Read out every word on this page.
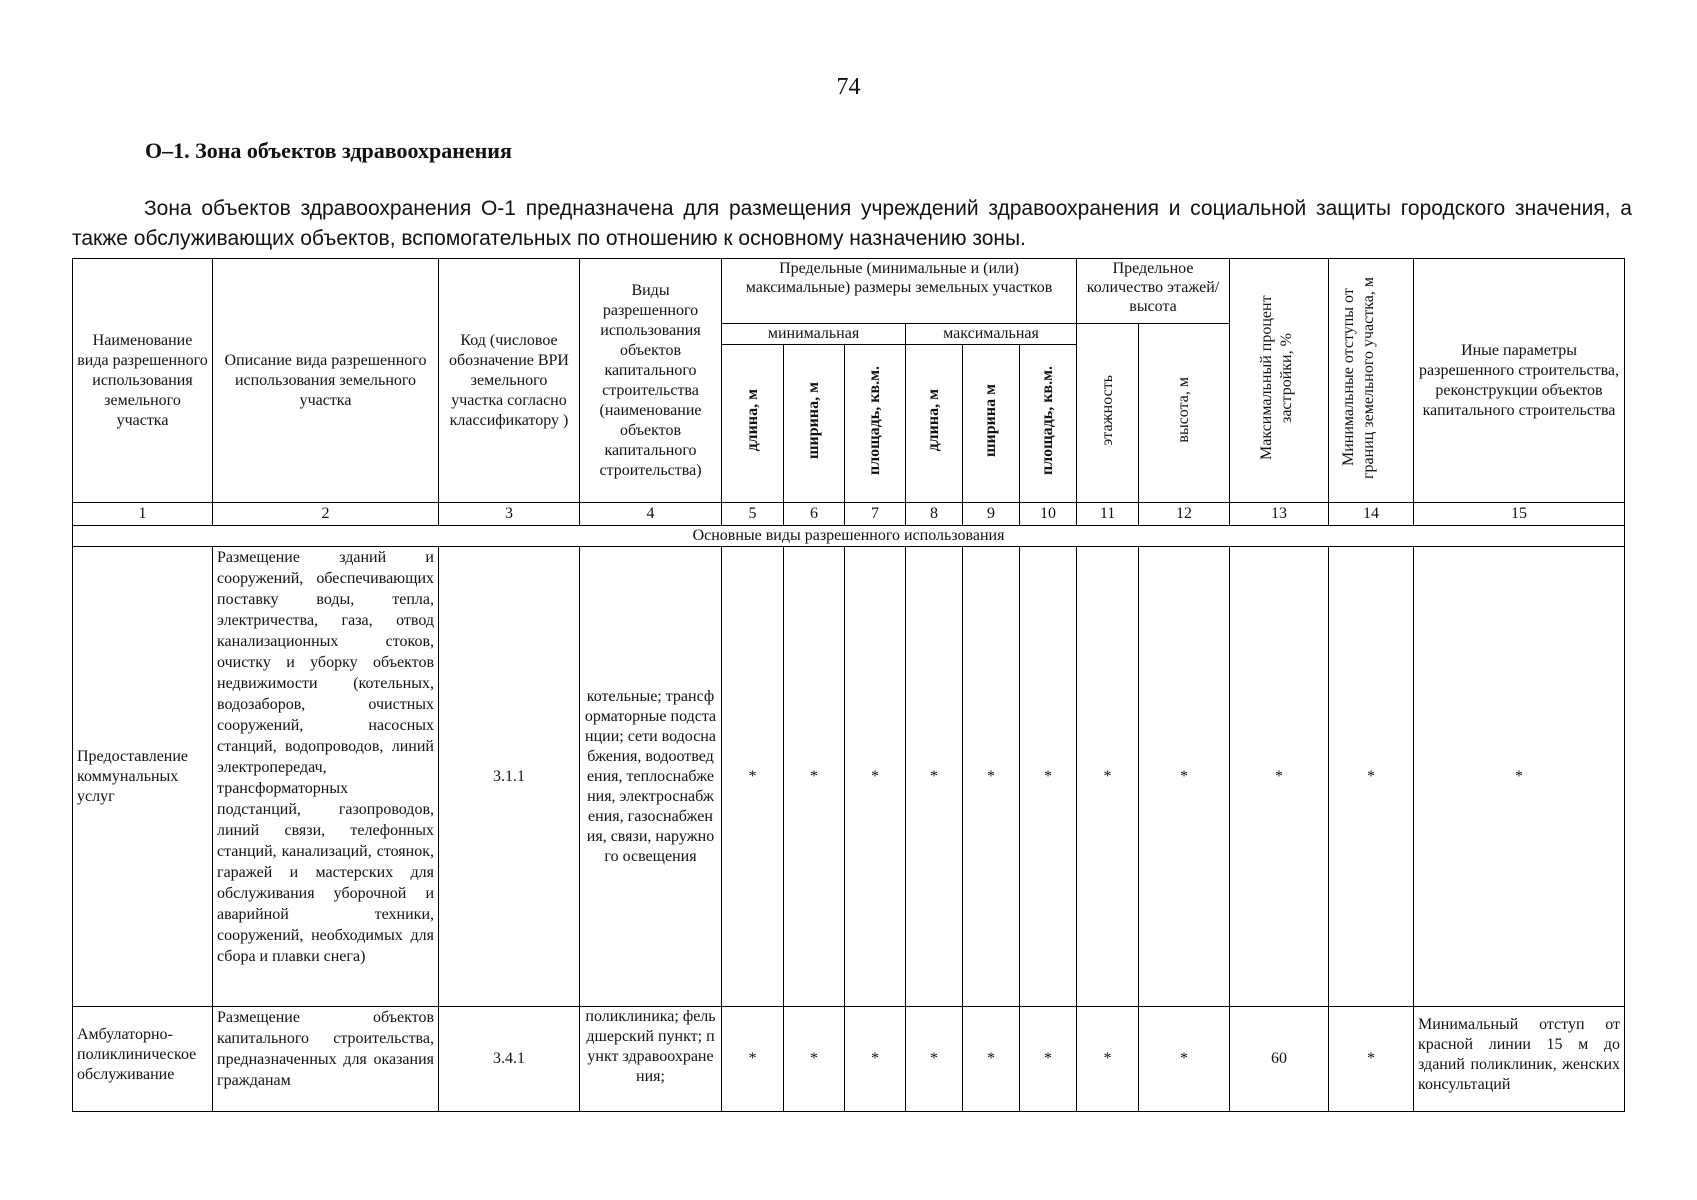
74
О–1. Зона объектов здравоохранения
Зона объектов здравоохранения О-1 предназначена для размещения учреждений здравоохранения и социальной защиты городского значения, а также обслуживающих объектов, вспомогательных по отношению к основному назначению зоны.
Наименование вида разрешенного использования земельного участка	Описание вида разрешенного использования земельного участка	Код (числовое обозначение ВРИ земельного участка согласно классификатору )	Виды разрешенного использования объектов капитального строительства (наименование объектов капитального строительства)	Предельные (минимальные и (или) максимальные) размеры земельных участков						Предельное количество этажей/ высота		Максимальный процент застройки, %	Минимальные отступы от границ земельного участка, м	Иные параметры разрешенного строительства, реконструкции объектов капитального строительства
				минимальная			максимальная			этажность	высота, м			
				длина, м	ширина, м	площадь, кв.м.	длина, м	ширина м	площадь, кв.м.					
1	2	3	4	5	6	7	8	9	10	11	12	13	14	15
Основные виды разрешенного использования														
Предоставление коммунальных услуг	Размещение зданий и сооружений, обеспечивающих поставку воды, тепла, электричества, газа, отвод канализационных стоков, очистку и уборку объектов недвижимости (котельных, водозаборов, очистных сооружений, насосных станций, водопроводов, линий электропередач, трансформаторных подстанций, газопроводов, линий связи, телефонных станций, канализаций, стоянок, гаражей и мастерских для обслуживания уборочной и аварийной техники, сооружений, необходимых для сбора и плавки снега)	3.1.1	котельные; трансформаторные подстанции; сети водоснабжения, водоотведения, теплоснабжения, электроснабжения, газоснабжения, связи, наружного освещения	*	*	*	*	*	*	*	*	*	*	*
Амбулаторно-поликлиническое обслуживание	Размещение объектов капитального строительства, предназначенных для оказания гражданам	3.4.1	поликлиника; фельдшерский пункт; пункт здравоохранения;	*	*	*	*	*	*	*	*	60	*	Минимальный отступ от красной линии 15 м до зданий поликлиник, женских консультаций
